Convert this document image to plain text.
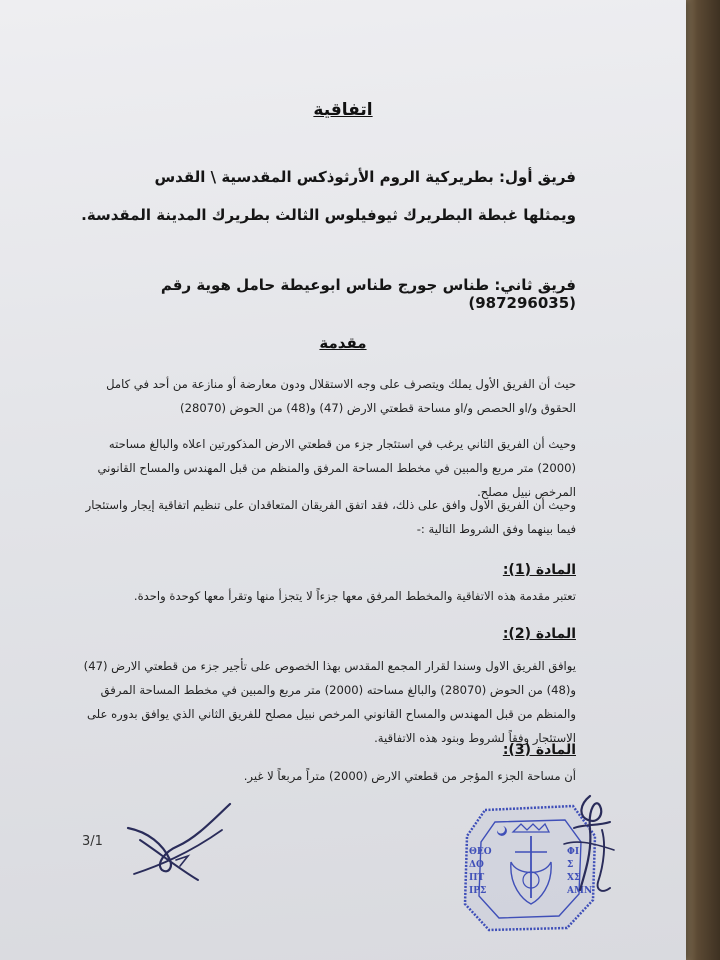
اتفاقية
فريق أول: بطريركية الروم الأرثوذكس المقدسية \ القدس
ويمثلها غبطة البطريرك ثيوفيلوس الثالث بطريرك المدينة المقدسة.
فريق ثاني: طناس جورج طناس ابوعيطة حامل هوية رقم (987296035)
مقدمة
حيث أن الفريق الأول يملك ويتصرف على وجه الاستقلال ودون معارضة أو منازعة من أحد في كامل الحقوق و/او الحصص و/او مساحة قطعتي الارض (47) و(48) من الحوض (28070)
وحيث أن الفريق الثاني يرغب في استئجار جزء من قطعتي الارض المذكورتين اعلاه والبالغ مساحته (2000) متر مربع والمبين في مخطط المساحة المرفق والمنظم من قبل المهندس والمساح القانوني المرخص نبيل مصلح.
وحيث أن الفريق الاول وافق على ذلك، فقد اتفق الفريقان المتعاقدان على تنظيم اتفاقية إيجار واستئجار فيما بينهما وفق الشروط التالية :-
المادة (1):
تعتبر مقدمة هذه الاتفاقية والمخطط المرفق معها جزءاً لا يتجزأ منها وتقرأ معها كوحدة واحدة.
المادة (2):
يوافق الفريق الاول وسندا لقرار المجمع المقدس بهذا الخصوص على تأجير جزء من قطعتي الارض (47) و(48) من الحوض (28070) والبالغ مساحته (2000) متر مربع والمبين في مخطط المساحة المرفق والمنظم من قبل المهندس والمساح القانوني المرخص نبيل مصلح للفريق الثاني الذي يوافق بدوره على الاستئجار وفقاً لشروط وبنود هذه الاتفاقية.
المادة (3):
أن مساحة الجزء المؤجر من قطعتي الارض (2000) متراً مربعاً لا غير.
3/1
ΘΕΟ ΔΟ ΠΤ ΙΡΣ
ΦΙ Σ ΧΣ ΑΜΝ
